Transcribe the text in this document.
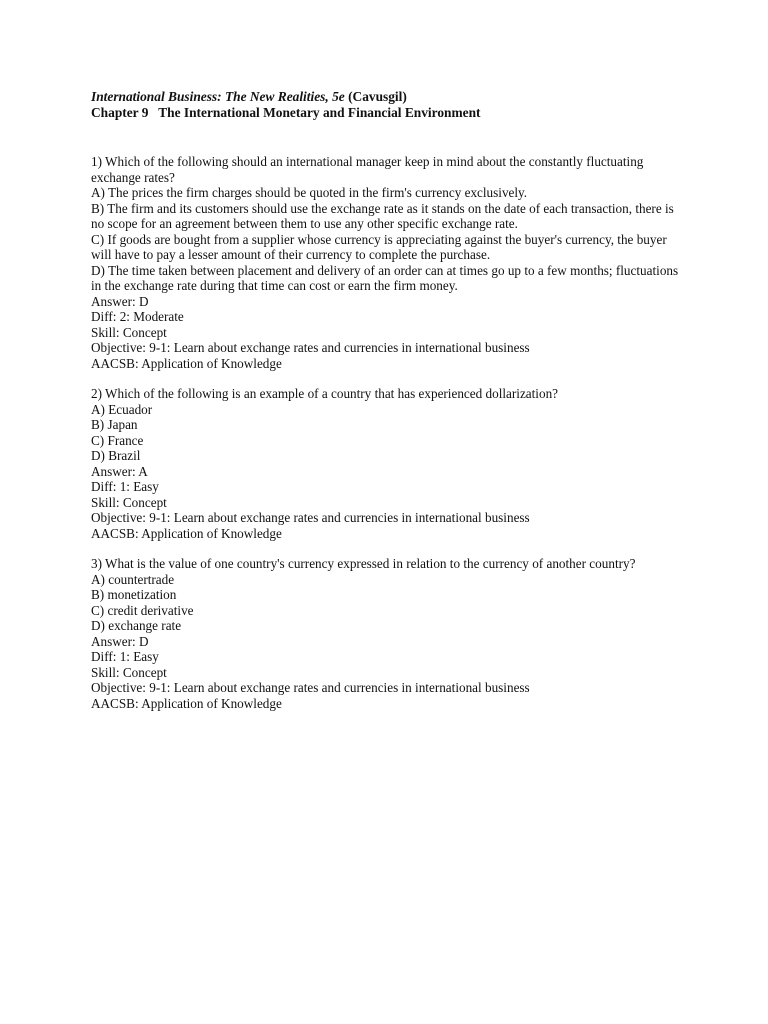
International Business: The New Realities, 5e (Cavusgil)
Chapter 9   The International Monetary and Financial Environment
1) Which of the following should an international manager keep in mind about the constantly fluctuating exchange rates?
A) The prices the firm charges should be quoted in the firm's currency exclusively.
B) The firm and its customers should use the exchange rate as it stands on the date of each transaction, there is no scope for an agreement between them to use any other specific exchange rate.
C) If goods are bought from a supplier whose currency is appreciating against the buyer's currency, the buyer will have to pay a lesser amount of their currency to complete the purchase.
D) The time taken between placement and delivery of an order can at times go up to a few months; fluctuations in the exchange rate during that time can cost or earn the firm money.
Answer: D
Diff: 2: Moderate
Skill: Concept
Objective: 9-1: Learn about exchange rates and currencies in international business
AACSB: Application of Knowledge
2) Which of the following is an example of a country that has experienced dollarization?
A) Ecuador
B) Japan
C) France
D) Brazil
Answer: A
Diff: 1: Easy
Skill: Concept
Objective: 9-1: Learn about exchange rates and currencies in international business
AACSB: Application of Knowledge
3) What is the value of one country's currency expressed in relation to the currency of another country?
A) countertrade
B) monetization
C) credit derivative
D) exchange rate
Answer: D
Diff: 1: Easy
Skill: Concept
Objective: 9-1: Learn about exchange rates and currencies in international business
AACSB: Application of Knowledge
